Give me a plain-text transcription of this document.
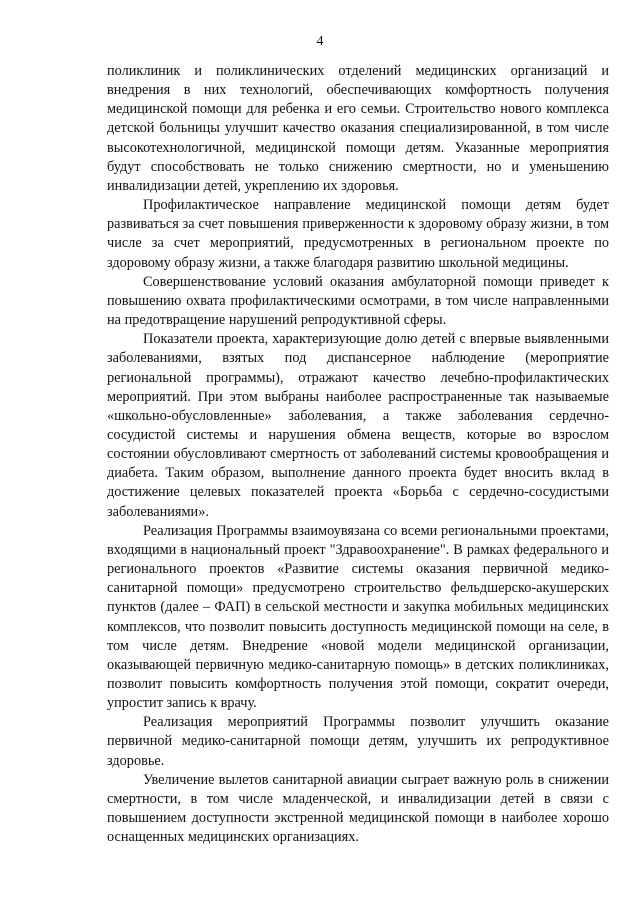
4

поликлиник и поликлинических отделений медицинских организаций и внедрения в них технологий, обеспечивающих комфортность получения медицинской помощи для ребенка и его семьи. Строительство нового комплекса детской больницы улучшит качество оказания специализированной, в том числе высокотехнологичной, медицинской помощи детям. Указанные мероприятия будут способствовать не только снижению смертности, но и уменьшению инвалидизации детей, укреплению их здоровья.

Профилактическое направление медицинской помощи детям будет развиваться за счет повышения приверженности к здоровому образу жизни, в том числе за счет мероприятий, предусмотренных в региональном проекте по здоровому образу жизни, а также благодаря развитию школьной медицины.

Совершенствование условий оказания амбулаторной помощи приведет к повышению охвата профилактическими осмотрами, в том числе направленными на предотвращение нарушений репродуктивной сферы.

Показатели проекта, характеризующие долю детей с впервые выявленными заболеваниями, взятых под диспансерное наблюдение (мероприятие региональной программы), отражают качество лечебно-профилактических мероприятий. При этом выбраны наиболее распространенные так называемые «школьно-обусловленные» заболевания, а также заболевания сердечно-сосудистой системы и нарушения обмена веществ, которые во взрослом состоянии обусловливают смертность от заболеваний системы кровообращения и диабета. Таким образом, выполнение данного проекта будет вносить вклад в достижение целевых показателей проекта «Борьба с сердечно-сосудистыми заболеваниями».

Реализация Программы взаимоувязана со всеми региональными проектами, входящими в национальный проект "Здравоохранение". В рамках федерального и регионального проектов «Развитие системы оказания первичной медико-санитарной помощи» предусмотрено строительство фельдшерско-акушерских пунктов (далее – ФАП) в сельской местности и закупка мобильных медицинских комплексов, что позволит повысить доступность медицинской помощи на селе, в том числе детям. Внедрение «новой модели медицинской организации, оказывающей первичную медико-санитарную помощь» в детских поликлиниках, позволит повысить комфортность получения этой помощи, сократит очереди, упростит запись к врачу.

Реализация мероприятий Программы позволит улучшить оказание первичной медико-санитарной помощи детям, улучшить их репродуктивное здоровье.

Увеличение вылетов санитарной авиации сыграет важную роль в снижении смертности, в том числе младенческой, и инвалидизации детей в связи с повышением доступности экстренной медицинской помощи в наиболее хорошо оснащенных медицинских организациях.
